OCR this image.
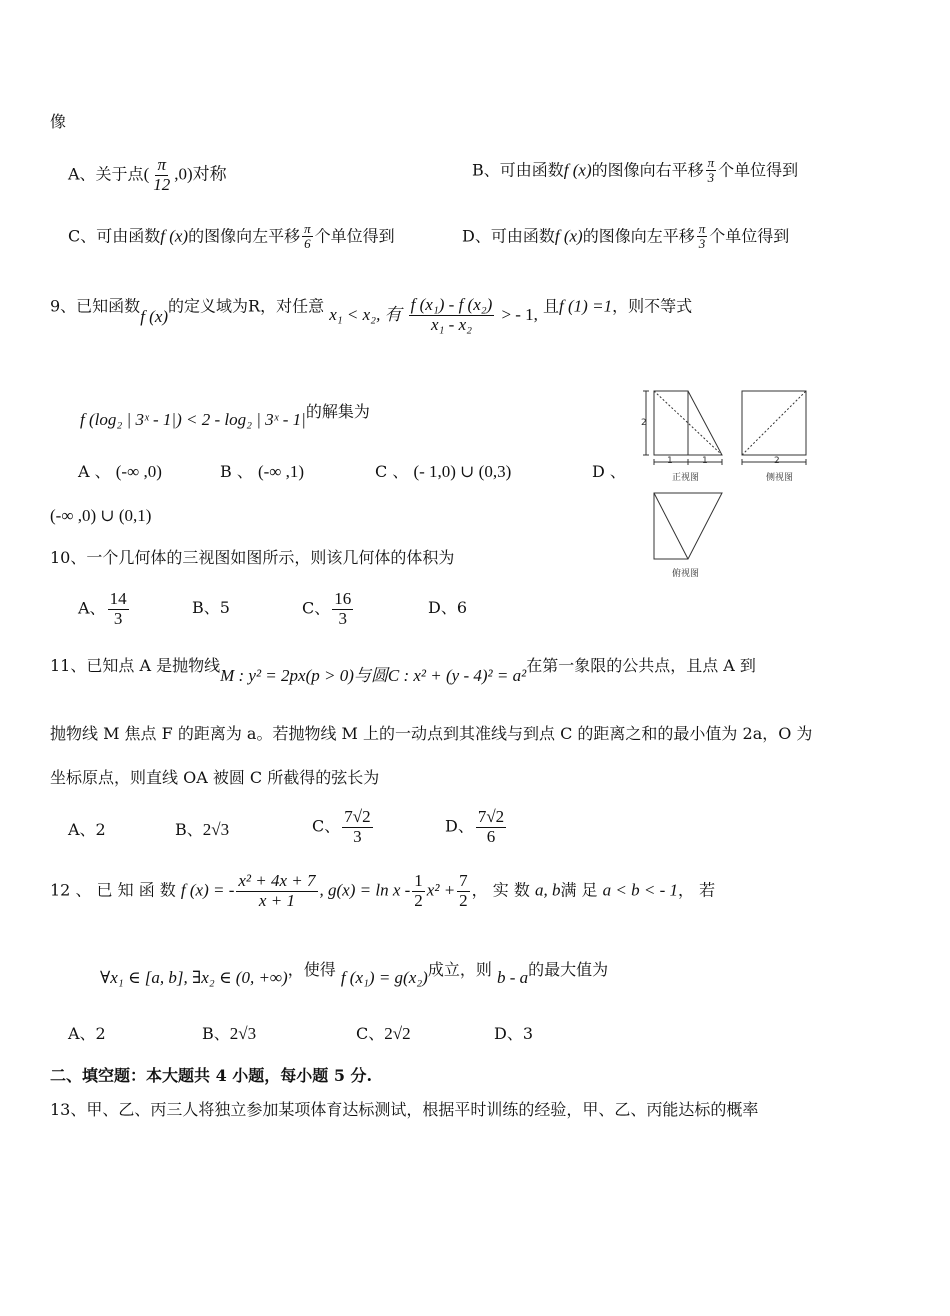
像
A、关于点( $\frac{\pi}{12} ,0$)对称	B、可由函数f (x)的图像向右平移 $\frac{\pi}{3}$ 个单位得到
C、可由函数f (x)的图像向左平移 $\frac{\pi}{6}$ 个单位得到	D、可由函数f (x)的图像向左平移 $\frac{\pi}{3}$ 个单位得到
9、已知函数f (x)的定义域为R，对任意 x₁ < x₂, 有 $\frac{\text{f (x₁) - f (x₂)}}{\text{x₁ - x₂}}$ > - 1, 且f (1) =1，则不等式
f (log₂ | 3ˣ - 1|) < 2 - log₂ | 3ˣ - 1|的解集为
A 、 (-∞ ,0)	B 、 (-∞ ,1)	C 、 (- 1,0) ∪ (0,3)	D 、
(-∞ ,0) ∪ (0,1)
10、一个几何体的三视图如图所示，则该几何体的体积为
A、 $\frac{14}{3}$	B、5	C、 $\frac{16}{3}$	D、6
2
1	1	2
正视图	侧视图
俯视图
11、已知点 A 是抛物线M : y² = 2px(p > 0)与圆C : x² + (y - 4)² = a²在第一象限的公共点，且点 A 到
抛物线 M 焦点 F 的距离为 a。若抛物线 M 上的一动点到其准线与到点 C 的距离之和的最小值为 2a，O 为
坐标原点，则直线 OA 被圆 C 所截得的弦长为
A、2	B、2√3	C、 $\frac{7√2}{3}$	D、 $\frac{7√2}{6}$
12 、 已 知 函 数 f (x) = - $\frac{\text{x² + 4x + 7}}{x + 1}$ , $g(x) = \ln x - \frac{1}{2} x^2 + \frac{7}{2}$ ， 实 数 a, b满 足 a < b < - 1， 若
∀x₁ ∈ [a, b], ∃x₂ ∈ (0, +∞)，使得 f (x₁) = g(x₂)成立，则 b - a的最大值为
A、2	B、2√3	C、2√2	D、3
二、填空题：本大题共 4 小题，每小题 5 分.
13、甲、乙、丙三人将独立参加某项体育达标测试，根据平时训练的经验，甲、乙、丙能达标的概率
